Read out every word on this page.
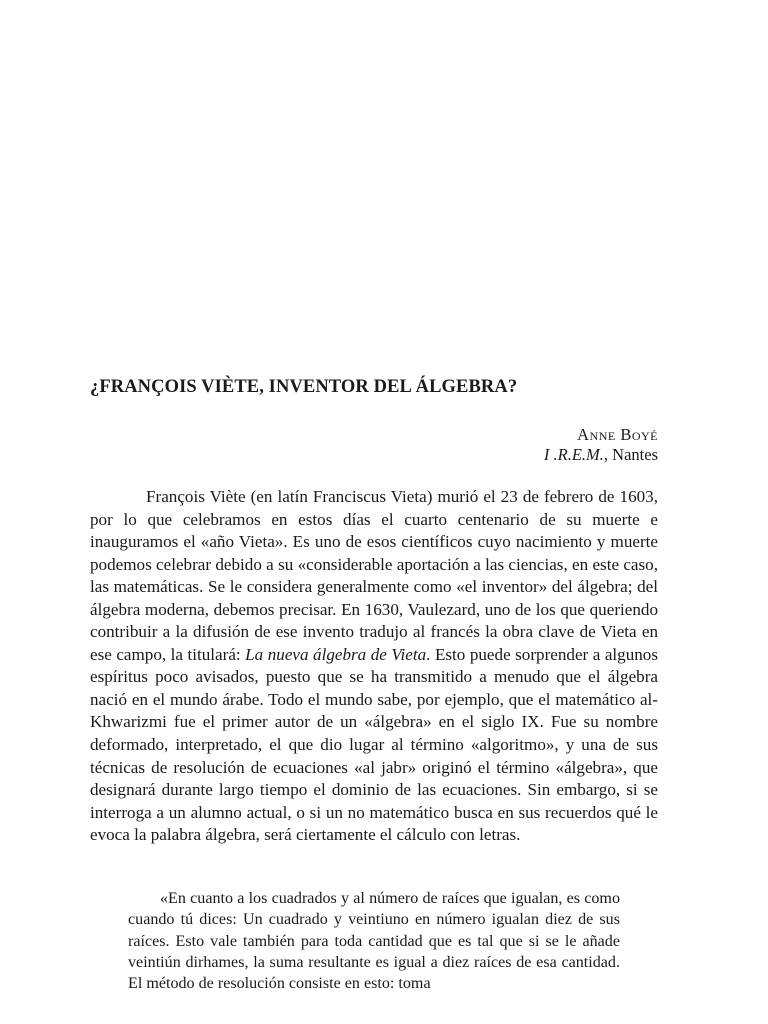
¿FRANÇOIS VIÈTE, INVENTOR DEL ÁLGEBRA?
Anne Boyé
I .R.E.M., Nantes

François Viète (en latín Franciscus Vieta) murió el 23 de febrero de 1603, por lo que celebramos en estos días el cuarto centenario de su muerte e inauguramos el «año Vieta». Es uno de esos científicos cuyo nacimiento y muerte podemos celebrar debido a su «considerable aportación a las ciencias, en este caso, las matemáticas. Se le considera generalmente como «el inventor» del álgebra; del álgebra moderna, debemos precisar. En 1630, Vaulezard, uno de los que queriendo contribuir a la difusión de ese invento tradujo al francés la obra clave de Vieta en ese campo, la titulará: La nueva álgebra de Vieta. Esto puede sorprender a algunos espíritus poco avisados, puesto que se ha transmitido a menudo que el álgebra nació en el mundo árabe. Todo el mundo sabe, por ejemplo, que el matemático al-Khwarizmi fue el primer autor de un «álgebra» en el siglo IX. Fue su nombre deformado, interpretado, el que dio lugar al término «algoritmo», y una de sus técnicas de resolución de ecuaciones «al jabr» originó el término «álgebra», que designará durante largo tiempo el dominio de las ecuaciones. Sin embargo, si se interroga a un alumno actual, o si un no matemático busca en sus recuerdos qué le evoca la palabra álgebra, será ciertamente el cálculo con letras.

«En cuanto a los cuadrados y al número de raíces que igualan, es como cuando tú dices: Un cuadrado y veintiuno en número igualan diez de sus raíces. Esto vale también para toda cantidad que es tal que si se le añade veintiún dirhames, la suma resultante es igual a diez raíces de esa cantidad. El método de resolución consiste en esto: toma
